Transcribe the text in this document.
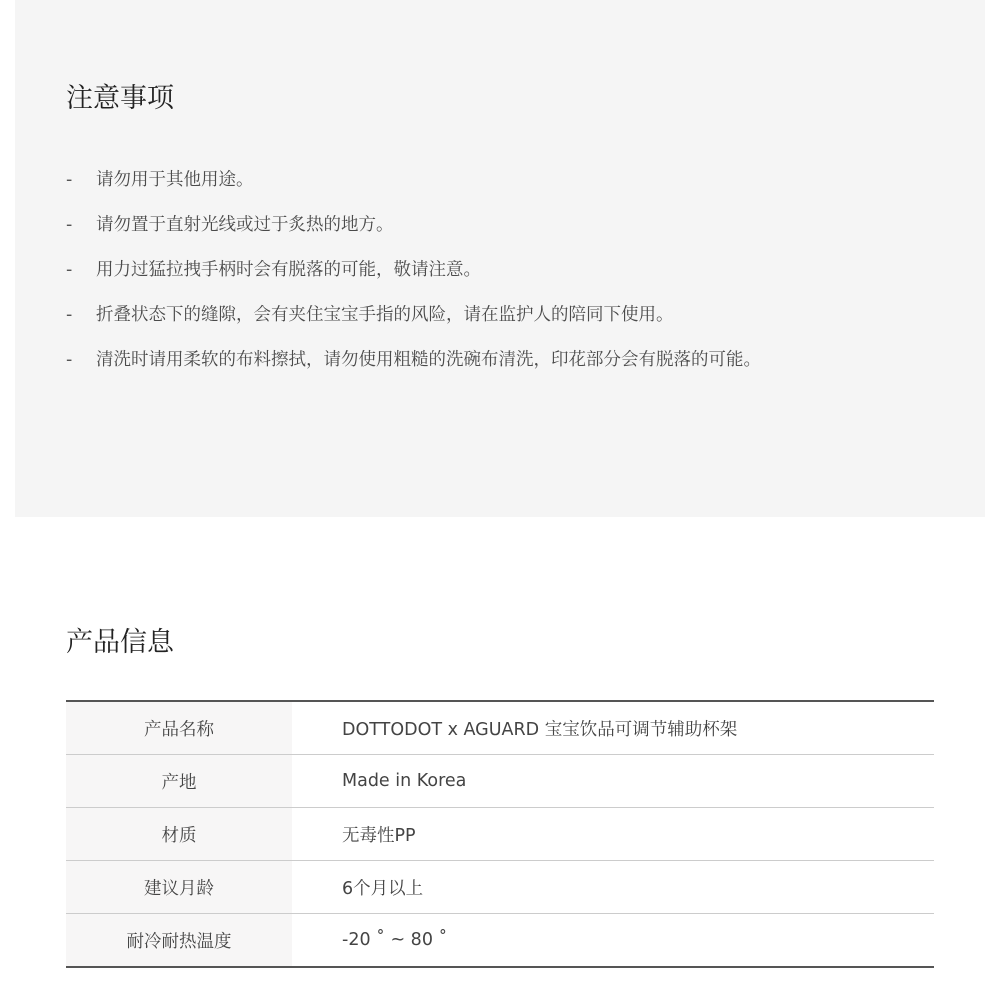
注意事项
- 请勿用于其他用途。
- 请勿置于直射光线或过于炙热的地方。
- 用力过猛拉拽手柄时会有脱落的可能，敬请注意。
- 折叠状态下的缝隙，会有夹住宝宝手指的风险，请在监护人的陪同下使用。
- 清洗时请用柔软的布料擦拭，请勿使用粗糙的洗碗布清洗，印花部分会有脱落的可能。
产品信息
产品名称	DOTTODOT x AGUARD 宝宝饮品可调节辅助杯架
产地	Made in Korea
材质	无毒性PP
建议月龄	6个月以上
耐冷耐热温度	-20 ˚ ~ 80 ˚
